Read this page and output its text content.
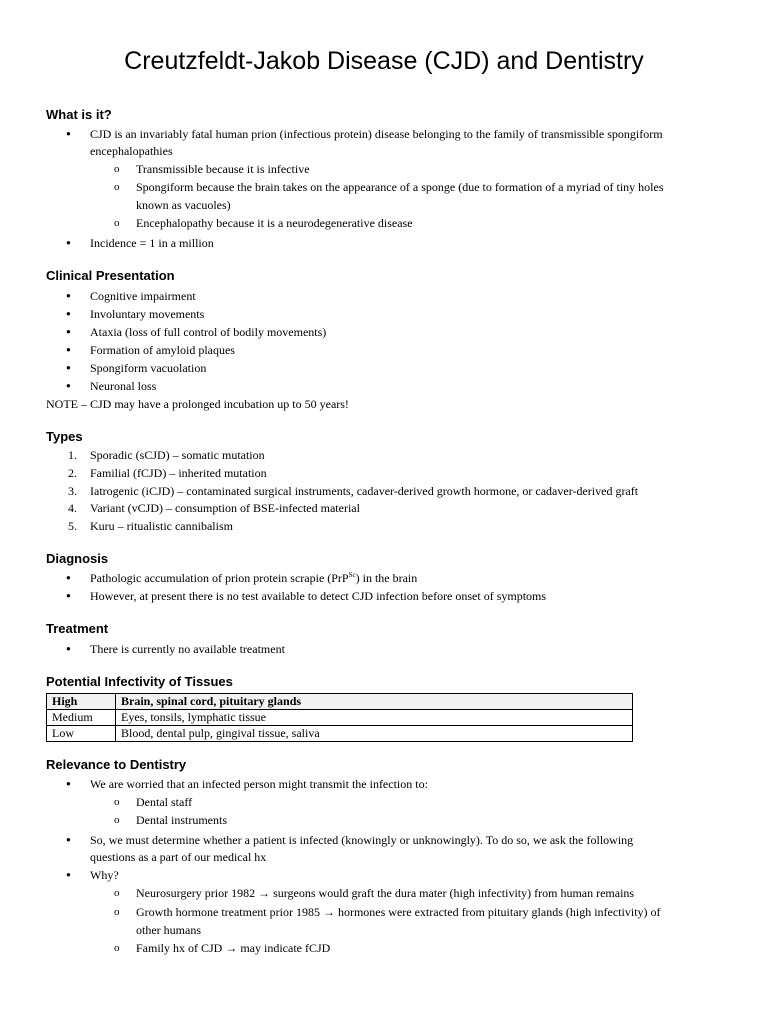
Creutzfeldt-Jakob Disease (CJD) and Dentistry
What is it?
● CJD is an invariably fatal human prion (infectious protein) disease belonging to the family of transmissible spongiform
encephalopathies
o Transmissible because it is infective
o Spongiform because the brain takes on the appearance of a sponge (due to formation of a myriad of tiny holes
known as vacuoles)
o Encephalopathy because it is a neurodegenerative disease
● Incidence = 1 in a million
Clinical Presentation
● Cognitive impairment
● Involuntary movements
● Ataxia (loss of full control of bodily movements)
● Formation of amyloid plaques
● Spongiform vacuolation
● Neuronal loss
NOTE – CJD may have a prolonged incubation up to 50 years!
Types
1. Sporadic (sCJD) – somatic mutation
2. Familial (fCJD) – inherited mutation
3. Iatrogenic (iCJD) – contaminated surgical instruments, cadaver-derived growth hormone, or cadaver-derived graft
4. Variant (vCJD) – consumption of BSE-infected material
5. Kuru – ritualistic cannibalism
Diagnosis
● Pathologic accumulation of prion protein scrapie (PrP$^{Sc}$) in the brain
● However, at present there is no test available to detect CJD infection before onset of symptoms
Treatment
● There is currently no available treatment
Potential Infectivity of Tissues
High	Brain, spinal cord, pituitary glands
Medium	Eyes, tonsils, lymphatic tissue
Low	Blood, dental pulp, gingival tissue, saliva
Relevance to Dentistry
● We are worried that an infected person might transmit the infection to:
o Dental staff
o Dental instruments
● So, we must determine whether a patient is infected (knowingly or unknowingly). To do so, we ask the following
questions as a part of our medical hx
● Why?
o Neurosurgery prior 1982 → surgeons would graft the dura mater (high infectivity) from human remains
o Growth hormone treatment prior 1985 → hormones were extracted from pituitary glands (high infectivity) of
other humans
o Family hx of CJD → may indicate fCJD
